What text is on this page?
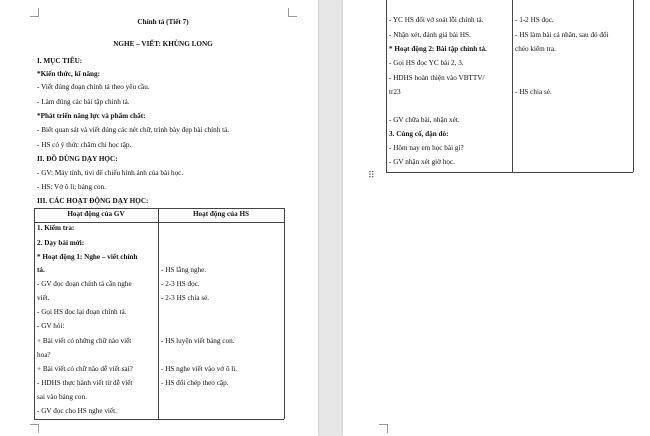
Chính tả (Tiết 7)
NGHE – VIẾT: KHÙNG LONG
I. MỤC TIÊU:
*Kiến thức, kĩ năng:
- Viết đúng đoạn chính tả theo yêu cầu.
- Làm đúng các bài tập chính tả.
*Phát triển năng lực và phẩm chất:
- Biết quan sát và viết đúng các nét chữ, trình bày đẹp bài chính tả.
- HS có ý thức chăm chỉ học tập.
II. ĐỒ DÙNG DẠY HỌC:
- GV: Máy tính, tivi để chiếu hình ảnh của bài học.
- HS: Vở ô li; bảng con.
III. CÁC HOẠT ĐỘNG DẠY HỌC:
Hoạt động của GV	Hoạt động của HS
1. Kiểm tra:
2. Dạy bài mới:
* Hoạt động 1: Nghe – viết chính
tả.
- GV đọc đoạn chính tả cần nghe
viết.
- Gọi HS đọc lại đoạn chính tả.
- GV hỏi:
+ Bài viết có những chữ nào viết
hoa?
+ Bài viết có chữ nào dễ viết sai?
- HDHS thực hành viết từ dễ viết
sai vào bảng con.
- GV đọc cho HS nghe viết.
- HS lắng nghe.
- 2-3 HS đọc.
- 2-3 HS chia sẻ.
- HS luyện viết bảng con.
- HS nghe viết vào vở ô li.
- HS đổi chép theo cặp.
- YC HS đổi vở soát lỗi chính tả.
- Nhận xét, đánh giá bài HS.
* Hoạt động 2: Bài tập chính tả.
- Gọi HS đọc YC bài 2, 3.
- HDHS hoàn thiện vào VBTTV/
tr23
- GV chữa bài, nhận xét.
3. Củng cố, dặn dò:
- Hôm nay em học bài gì?
- GV nhận xét giờ học.
- 1-2 HS đọc.
- HS làm bài cá nhân, sau đó đổi
chéo kiểm tra.
- HS chia sẻ.
⠿
